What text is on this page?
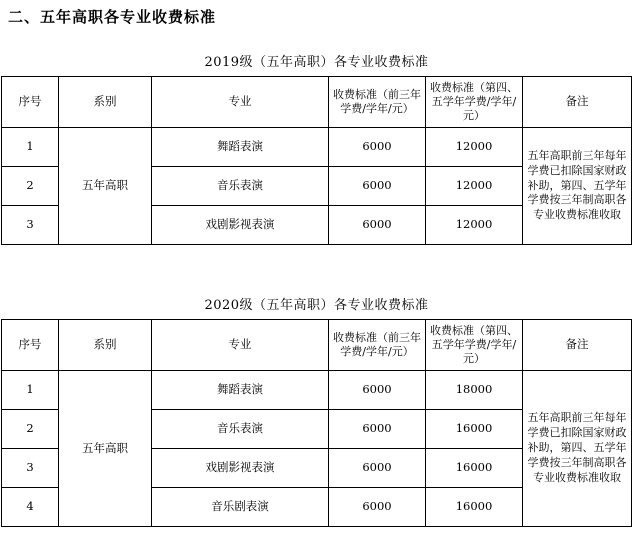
二、五年高职各专业收费标准

2019级（五年高职）各专业收费标准

序号	系别	专业	收费标准（前三年学费/学年/元）	收费标准（第四、五学年学费/学年/元）	备注
1	五年高职	舞蹈表演	6000	12000	五年高职前三年每年学费已扣除国家财政补助，第四、五学年学费按三年制高职各专业收费标准收取
2		音乐表演	6000	12000	
3		戏剧影视表演	6000	12000	

2020级（五年高职）各专业收费标准

序号	系别	专业	收费标准（前三年学费/学年/元）	收费标准（第四、五学年学费/学年/元）	备注
1	五年高职	舞蹈表演	6000	18000	五年高职前三年每年学费已扣除国家财政补助，第四、五学年学费按三年制高职各专业收费标准收取
2		音乐表演	6000	16000	
3		戏剧影视表演	6000	16000	
4		音乐剧表演	6000	16000	
